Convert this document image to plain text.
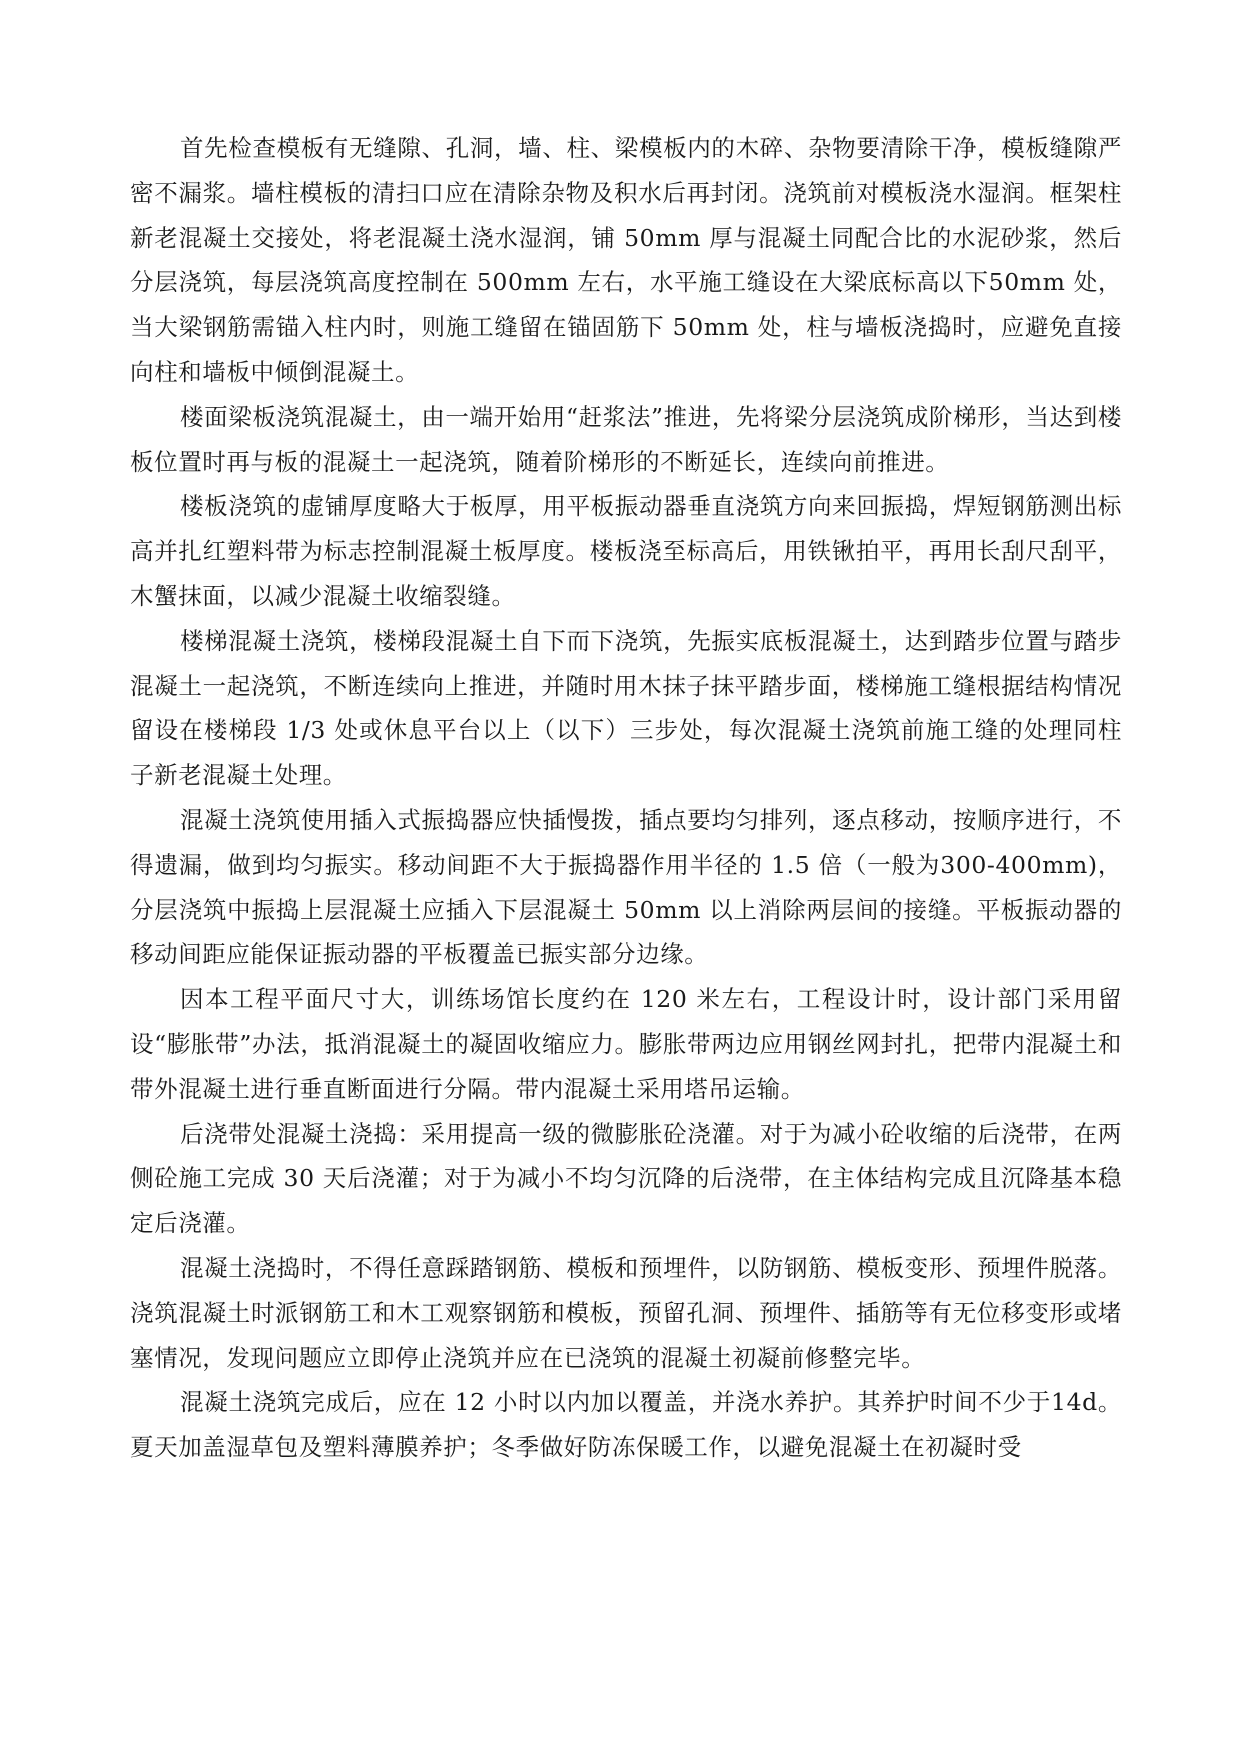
首先检查模板有无缝隙、孔洞，墙、柱、梁模板内的木碎、杂物要清除干净，模板缝隙严密不漏浆。墙柱模板的清扫口应在清除杂物及积水后再封闭。浇筑前对模板浇水湿润。框架柱新老混凝土交接处，将老混凝土浇水湿润，铺 50mm 厚与混凝土同配合比的水泥砂浆，然后分层浇筑，每层浇筑高度控制在 500mm 左右，水平施工缝设在大梁底标高以下50mm 处，当大梁钢筋需锚入柱内时，则施工缝留在锚固筋下 50mm 处，柱与墙板浇捣时，应避免直接向柱和墙板中倾倒混凝土。

楼面梁板浇筑混凝土，由一端开始用“赶浆法”推进，先将梁分层浇筑成阶梯形，当达到楼板位置时再与板的混凝土一起浇筑，随着阶梯形的不断延长，连续向前推进。

楼板浇筑的虚铺厚度略大于板厚，用平板振动器垂直浇筑方向来回振捣，焊短钢筋测出标高并扎红塑料带为标志控制混凝土板厚度。楼板浇至标高后，用铁锹拍平，再用长刮尺刮平，木蟹抹面，以减少混凝土收缩裂缝。

楼梯混凝土浇筑，楼梯段混凝土自下而下浇筑，先振实底板混凝土，达到踏步位置与踏步混凝土一起浇筑，不断连续向上推进，并随时用木抹子抹平踏步面，楼梯施工缝根据结构情况留设在楼梯段 1/3 处或休息平台以上（以下）三步处，每次混凝土浇筑前施工缝的处理同柱子新老混凝土处理。

混凝土浇筑使用插入式振捣器应快插慢拨，插点要均匀排列，逐点移动，按顺序进行，不得遗漏，做到均匀振实。移动间距不大于振捣器作用半径的 1.5 倍（一般为300-400mm)，分层浇筑中振捣上层混凝土应插入下层混凝土 50mm 以上消除两层间的接缝。平板振动器的移动间距应能保证振动器的平板覆盖已振实部分边缘。

因本工程平面尺寸大，训练场馆长度约在 120 米左右，工程设计时，设计部门采用留设“膨胀带”办法，抵消混凝土的凝固收缩应力。膨胀带两边应用钢丝网封扎，把带内混凝土和带外混凝土进行垂直断面进行分隔。带内混凝土采用塔吊运输。

后浇带处混凝土浇捣：采用提高一级的微膨胀砼浇灌。对于为减小砼收缩的后浇带，在两侧砼施工完成 30 天后浇灌；对于为减小不均匀沉降的后浇带，在主体结构完成且沉降基本稳定后浇灌。

混凝土浇捣时，不得任意踩踏钢筋、模板和预埋件，以防钢筋、模板变形、预埋件脱落。浇筑混凝土时派钢筋工和木工观察钢筋和模板，预留孔洞、预埋件、插筋等有无位移变形或堵塞情况，发现问题应立即停止浇筑并应在已浇筑的混凝土初凝前修整完毕。

混凝土浇筑完成后，应在 12 小时以内加以覆盖，并浇水养护。其养护时间不少于14d。夏天加盖湿草包及塑料薄膜养护；冬季做好防冻保暖工作，以避免混凝土在初凝时受
